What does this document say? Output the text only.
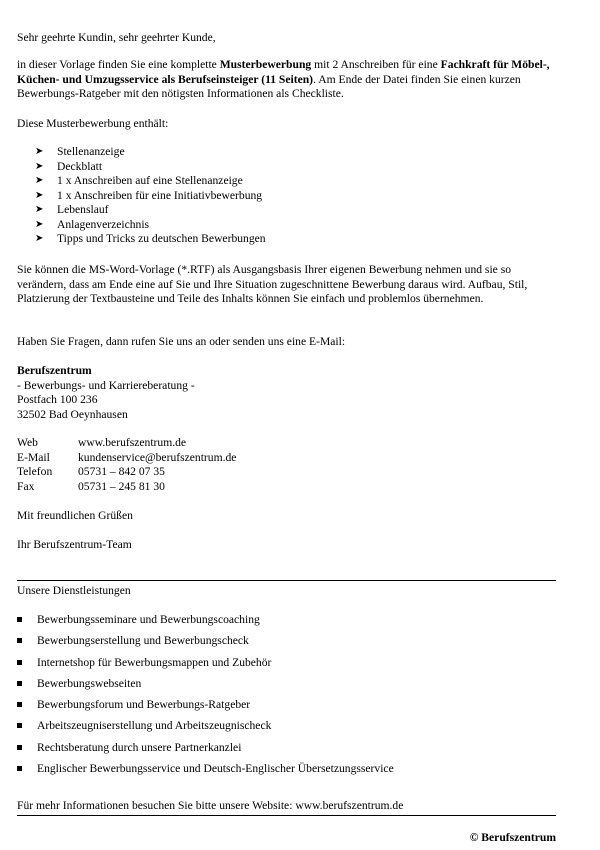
Sehr geehrte Kundin, sehr geehrter Kunde,
in dieser Vorlage finden Sie eine komplette Musterbewerbung mit 2 Anschreiben für eine Fachkraft für Möbel-, Küchen- und Umzugsservice als Berufseinsteiger (11 Seiten). Am Ende der Datei finden Sie einen kurzen Bewerbungs-Ratgeber mit den nötigsten Informationen als Checkliste.
Diese Musterbewerbung enthält:
➤ Stellenanzeige
➤ Deckblatt
➤ 1 x Anschreiben auf eine Stellenanzeige
➤ 1 x Anschreiben für eine Initiativbewerbung
➤ Lebenslauf
➤ Anlagenverzeichnis
➤ Tipps und Tricks zu deutschen Bewerbungen
Sie können die MS-Word-Vorlage (*.RTF) als Ausgangsbasis Ihrer eigenen Bewerbung nehmen und sie so verändern, dass am Ende eine auf Sie und Ihre Situation zugeschnittene Bewerbung daraus wird. Aufbau, Stil, Platzierung der Textbausteine und Teile des Inhalts können Sie einfach und problemlos übernehmen.
Haben Sie Fragen, dann rufen Sie uns an oder senden uns eine E-Mail:
Berufszentrum
- Bewerbungs- und Karriereberatung -
Postfach 100 236
32502 Bad Oeynhausen
Web	www.berufszentrum.de
E-Mail kundenservice@berufszentrum.de
Telefon 05731 – 842 07 35
Fax	05731 – 245 81 30
Mit freundlichen Grüßen
Ihr Berufszentrum-Team
Unsere Dienstleistungen
Bewerbungsseminare und Bewerbungscoaching
Bewerbungserstellung und Bewerbungscheck
Internetshop für Bewerbungsmappen und Zubehör
Bewerbungswebseiten
Bewerbungsforum und Bewerbungs-Ratgeber
Arbeitszeugniserstellung und Arbeitszeugnischeck
Rechtsberatung durch unsere Partnerkanzlei
Englischer Bewerbungsservice und Deutsch-Englischer Übersetzungsservice
Für mehr Informationen besuchen Sie bitte unsere Website: www.berufszentrum.de
© Berufszentrum
